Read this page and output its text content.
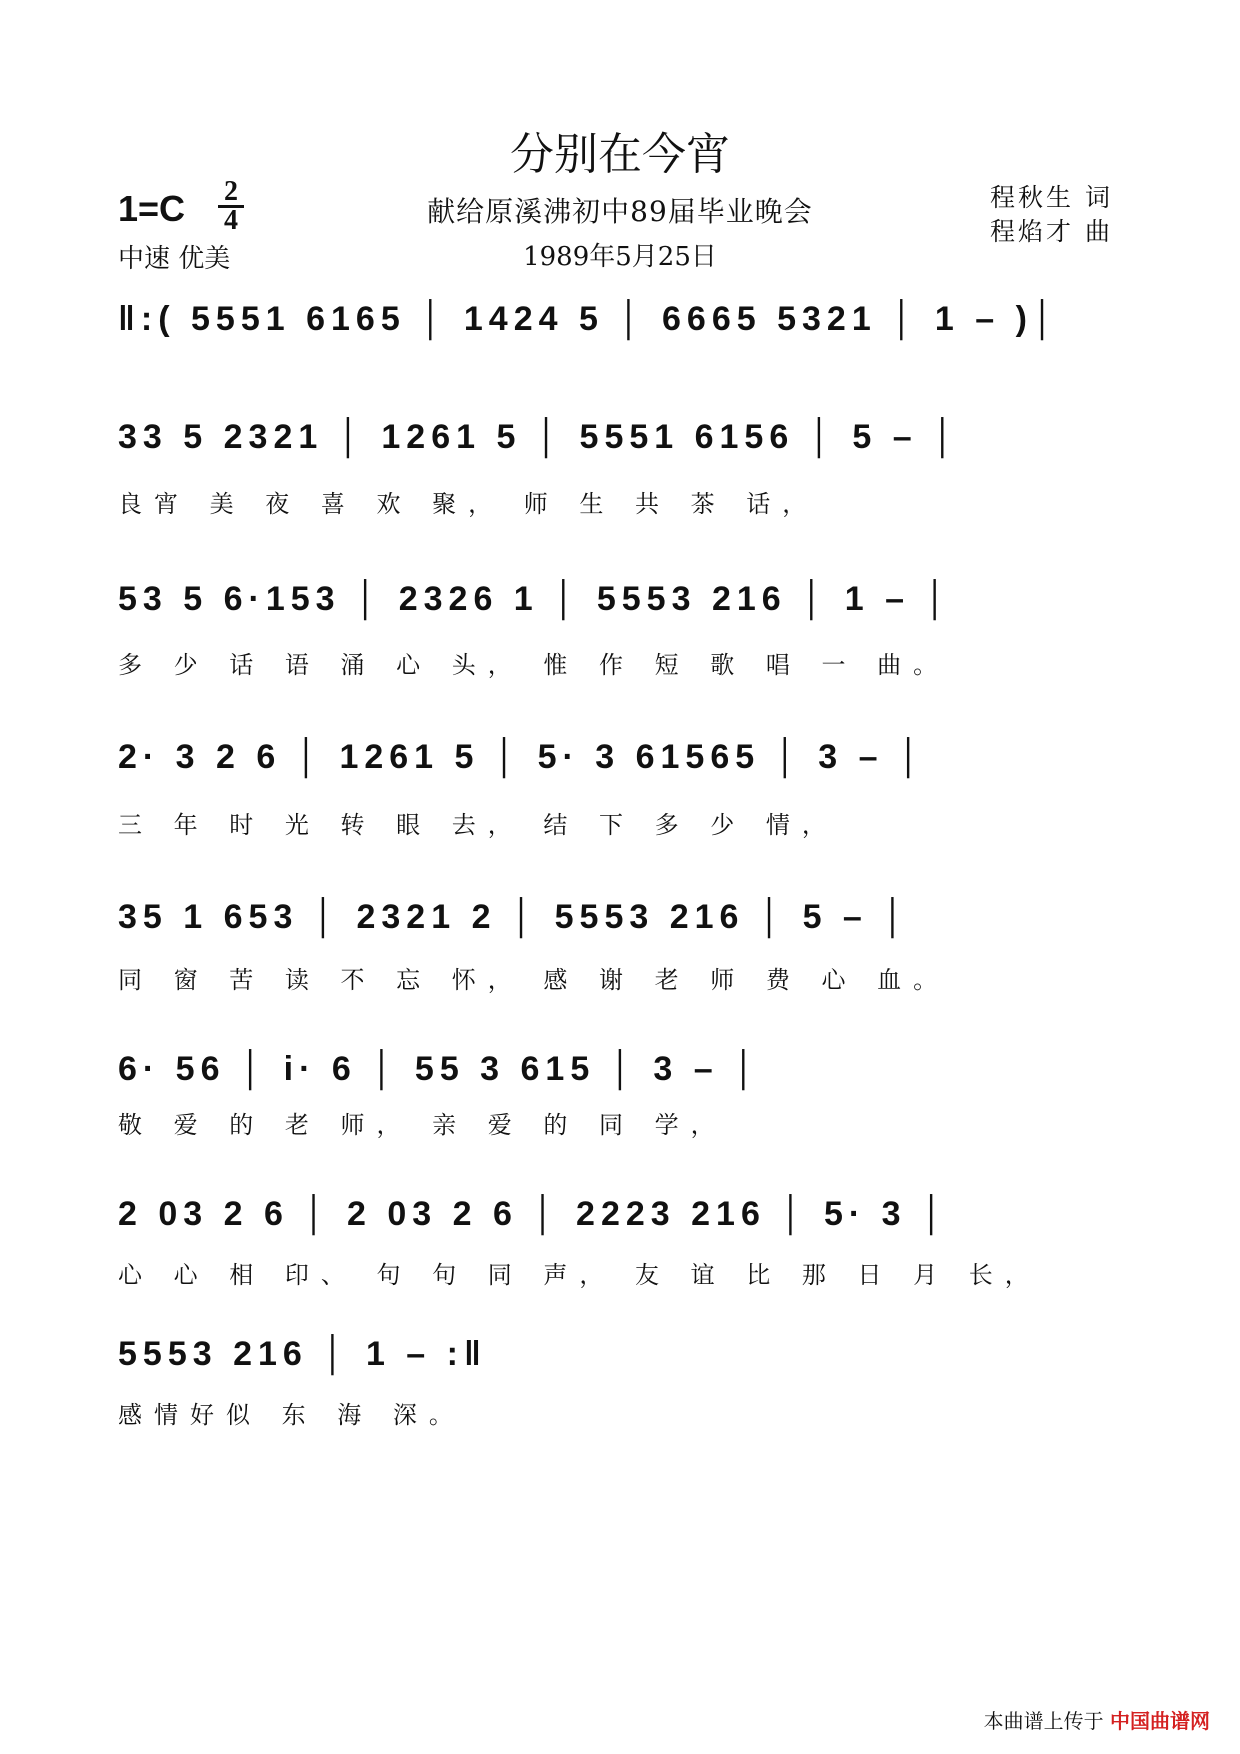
分别在今宵
1=C 2
4
中速 优美
献给原溪沸初中89届毕业晚会
1989年5月25日
程秋生 词
程焰才 曲
‖:( 5551 6165 │ 1424 5 │ 6665 5321 │ 1 – )│
33 5 2321 │ 1261 5 │ 5551 6156 │ 5 – │
良宵 美 夜 喜 欢 聚， 师 生 共 茶 话，
53 5 6·153 │ 2326 1 │ 5553 216 │ 1 – │
多 少 话 语 涌 心 头， 惟 作 短 歌 唱 一 曲。
2· 3 2 6 │ 1261 5 │ 5· 3 61565 │ 3 – │
三 年 时 光 转 眼 去， 结 下 多 少 情，
35 1 653 │ 2321 2 │ 5553 216 │ 5 – │
同 窗 苦 读 不 忘 怀， 感 谢 老 师 费 心 血。
6· 56 │ i· 6 │ 55 3 615 │ 3 – │
敬 爱 的 老 师， 亲 爱 的 同 学，
2 03 2 6 │ 2 03 2 6 │ 2223 216 │ 5· 3 │
心 心 相 印、 句 句 同 声， 友 谊 比 那 日 月 长，
5553 216 │ 1 – :‖
感情好似 东 海 深。
本曲谱上传于 中国曲谱网
